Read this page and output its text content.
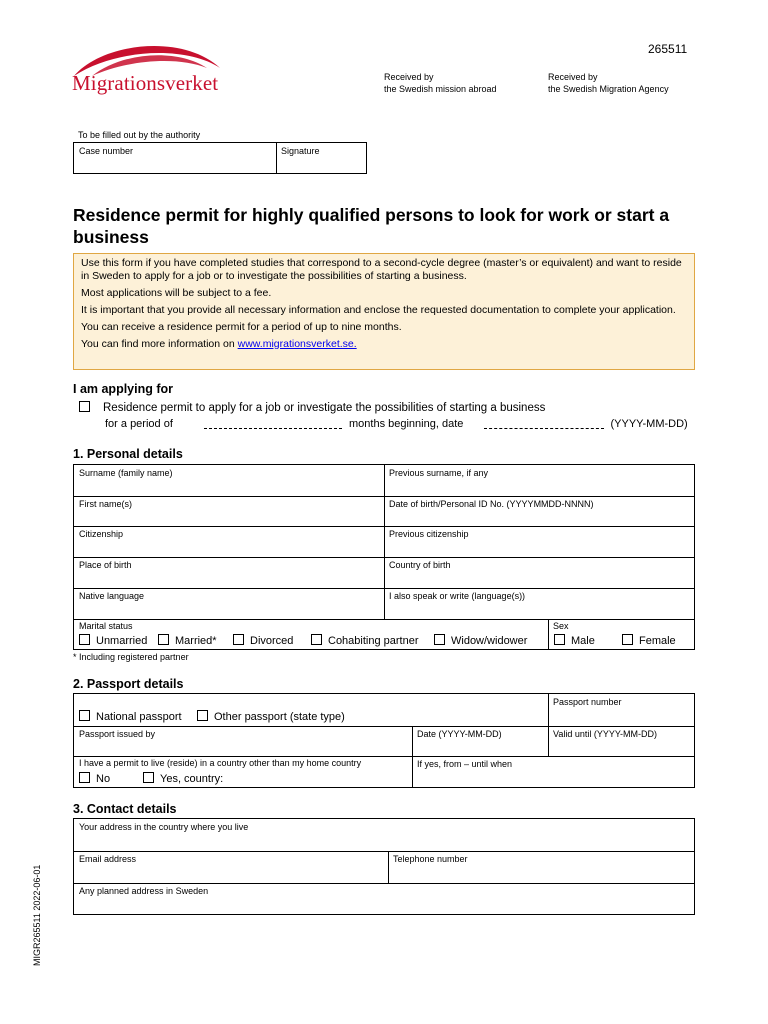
Migrationsverket
265511
Received by
the Swedish mission abroad
Received by
the Swedish Migration Agency
To be filled out by the authority
Case number	Signature
Residence permit for highly qualified persons to look for work or start a business

Use this form if you have completed studies that correspond to a second-cycle degree (master’s or equivalent) and want to reside in Sweden to apply for a job or to investigate the possibilities of starting a business.

Most applications will be subject to a fee.

It is important that you provide all necessary information and enclose the requested documentation to complete your application.

You can receive a residence permit for a period of up to nine months.

You can find more information on www.migrationsverket.se.

I am applying for
Residence permit to apply for a job or investigate the possibilities of starting a business
for a period of	months beginning, date	(YYYY-MM-DD)
1. Personal details
Surname (family name)	Previous surname, if any
First name(s)	Date of birth/Personal ID No. (YYYYMMDD-NNNN)
Citizenship	Previous citizenship
Place of birth	Country of birth
Native language	I also speak or write (language(s))
Marital status	Sex
Unmarried	Married*	Divorced	Cohabiting partner	Widow/widower	Male	Female
* Including registered partner
2. Passport details
National passport	Other passport (state type)
Passport number
Passport issued by	Date (YYYY-MM-DD)	Valid until (YYYY-MM-DD)
I have a permit to live (reside) in a country other than my home country
No	Yes, country:
If yes, from – until when
3. Contact details
Your address in the country where you live
Email address	Telephone number
Any planned address in Sweden
MIGR265511 2022-06-01
